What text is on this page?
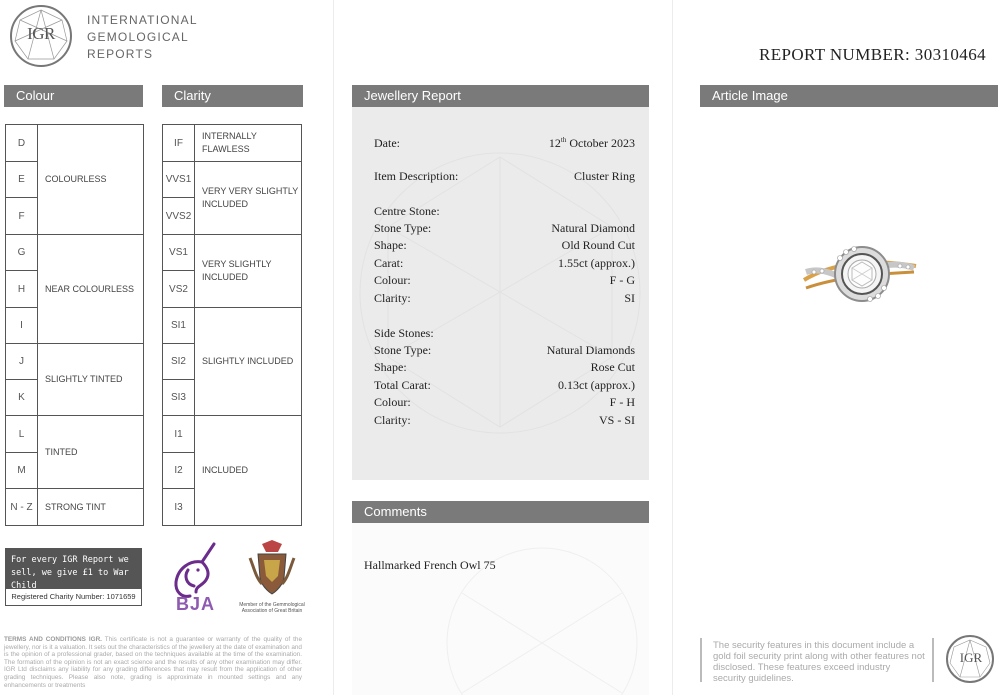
IGR
INTERNATIONAL
GEMOLOGICAL
REPORTS
Colour	Clarity
D	COLOURLESS
E	
F	
G	NEAR COLOURLESS
H	
I	
J	SLIGHTLY TINTED
K	
L	TINTED
M	
N - Z	STRONG TINT
IF	INTERNALLY FLAWLESS
VVS1	VERY VERY SLIGHTLY INCLUDED
VVS2	
VS1	VERY SLIGHTLY INCLUDED
VS2	
SI1	SLIGHTLY INCLUDED
SI2	
SI3	
I1	INCLUDED
I2	
I3	
For every IGR Report we sell, we give £1 to War Child
Registered Charity Number: 1071659	BJA	Member of the Gemmological Association of Great Britain
TERMS AND CONDITIONS IGR. This certificate is not a guarantee or warranty of the quality of the jewellery, nor is it a valuation. It sets out the characteristics of the jewellery at the date of examination and is the opinion of a professional grader, based on the techniques available at the time of the examination. The formation of the opinion is not an exact science and the results of any other examination may differ. IGR Ltd disclaims any liability for any grading differences that may result from the application of other grading techniques. Please also note, grading is approximate in mounted settings and any enhancements or treatments
Jewellery Report
Date:	12th October 2023
Item Description:	Cluster Ring
Centre Stone:
Stone Type:	Natural Diamond
Shape:	Old Round Cut
Carat:	1.55ct (approx.)
Colour:	F - G
Clarity:	SI
Side Stones:
Stone Type:	Natural Diamonds
Shape:	Rose Cut
Total Carat:	0.13ct (approx.)
Colour:	F - H
Clarity:	VS - SI
Comments
Hallmarked French Owl 75
REPORT NUMBER: 30310464
Article Image
The security features in this document include a gold foil security print along with other features not disclosed. These features exceed industry security guidelines.
IGR
